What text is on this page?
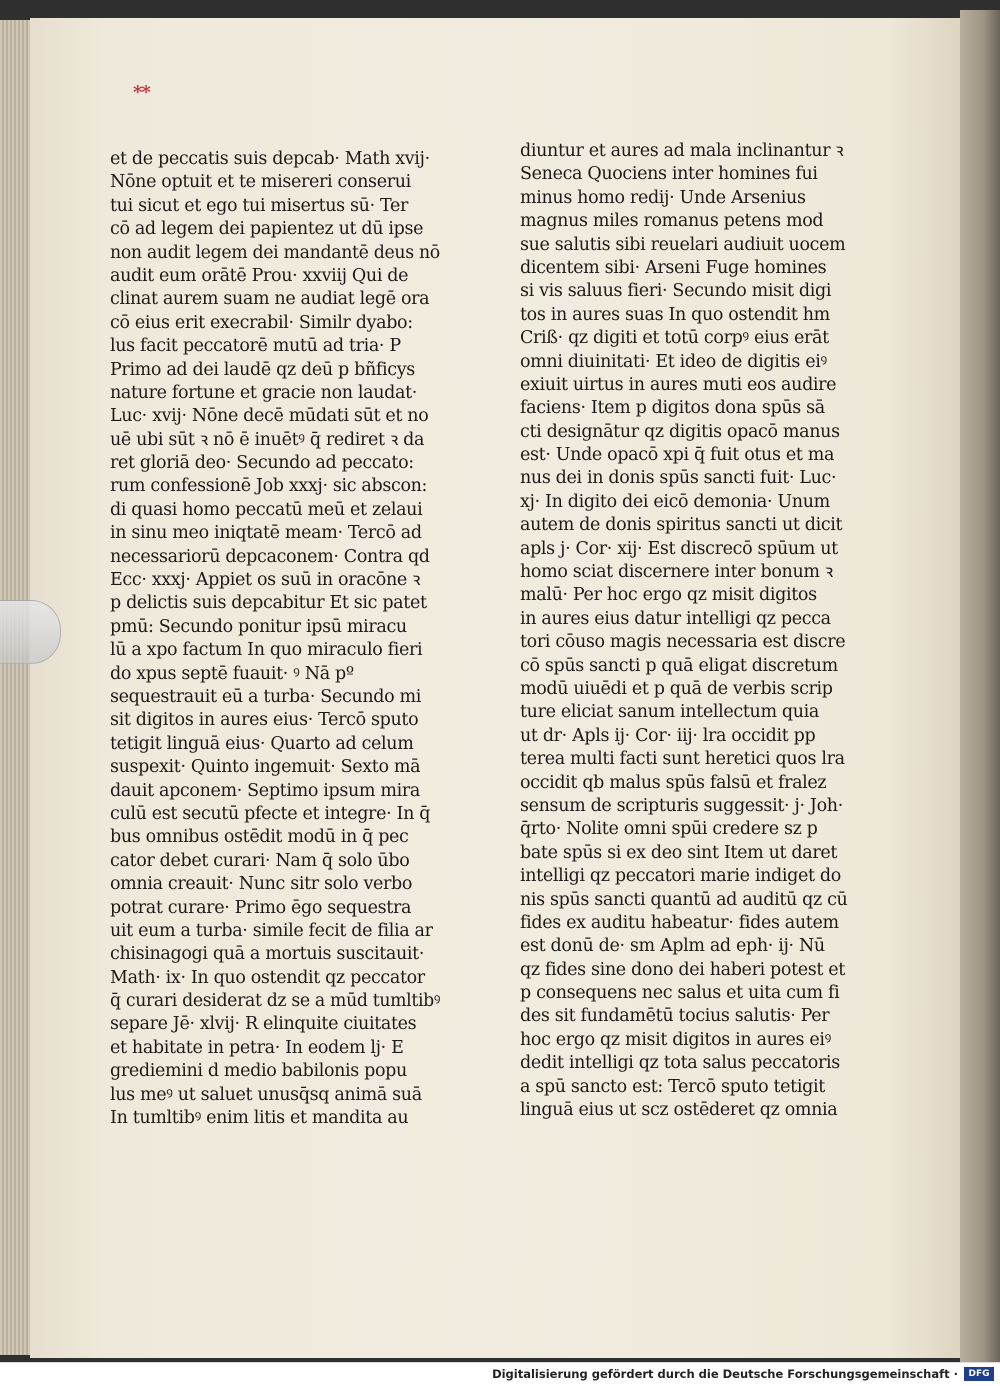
**
et de peccatis suis depcab· Math xvij·
Nōne optuit et te misereri conserui
tui sicut et ego tui misertus sū· Ter
cō ad legem dei papientez ut dū ipse
non audit legem dei mandantē deus nō
audit eum orātē Prou· xxviij Qui de
clinat aurem suam ne audiat legē ora
cō eius erit execrabil· Similr dyabo:
lus facit peccatorē mutū ad tria· P
Primo ad dei laudē qz deū p bñficys
nature fortune et gracie non laudat·
Luc· xvij· Nōne decē mūdati sūt et no
uē ubi sūt ꝛ nō ē inuētꝰ q̄ rediret ꝛ da
ret gloriā deo· Secundo ad peccato:
rum confessionē Job xxxj· sic abscon:
di quasi homo peccatū meū et zelaui
in sinu meo iniqtatē meam· Tercō ad
necessariorū depcaconem· Contra qd
Ecc· xxxj· Appiet os suū in oracōne ꝛ
p delictis suis depcabitur Et sic patet
pmū: Secundo ponitur ipsū miracu
lū a xpo factum In quo miraculo fieri
do xpus septē fuauit· ꝰ Nā pº
sequestrauit eū a turba· Secundo mi
sit digitos in aures eius· Tercō sputo
tetigit linguā eius· Quarto ad celum
suspexit· Quinto ingemuit· Sexto mā
dauit apconem· Septimo ipsum mira
culū est secutū pfecte et integre· In q̄
bus omnibus ostēdit modū in q̄ pec
cator debet curari· Nam q̄ solo ūbo
omnia creauit· Nunc sitr solo verbo
potrat curare· Primo ēgo sequestra
uit eum a turba· simile fecit de filia ar
chisinagogi quā a mortuis suscitauit·
Math· ix· In quo ostendit qz peccator
q̄ curari desiderat dz se a mūd tumltibꝰ
separe Jē· xlvij· R elinquite ciuitates
et habitate in petra· In eodem lj· E
grediemini d medio babilonis popu
lus meꝰ ut saluet unusq̄sq animā suā
In tumltibꝰ enim litis et mandita au
diuntur et aures ad mala inclinantur ꝛ
Seneca Quociens inter homines fui
minus homo redij· Unde Arsenius
magnus miles romanus petens mod
sue salutis sibi reuelari audiuit uocem
dicentem sibi· Arseni Fuge homines
si vis saluus fieri· Secundo misit digi
tos in aures suas In quo ostendit hm
Criß· qz digiti et totū corpꝰ eius erāt
omni diuinitati· Et ideo de digitis eiꝰ
exiuit uirtus in aures muti eos audire
faciens· Item p digitos dona spūs sā
cti designātur qz digitis opacō manus
est· Unde opacō xpi q̄ fuit otus et ma
nus dei in donis spūs sancti fuit· Luc·
xj· In digito dei eicō demonia· Unum
autem de donis spiritus sancti ut dicit
apls j· Cor· xij· Est discrecō spūum ut
homo sciat discernere inter bonum ꝛ
malū· Per hoc ergo qz misit digitos
in aures eius datur intelligi qz pecca
tori cōuso magis necessaria est discre
cō spūs sancti p quā eligat discretum
modū uiuēdi et p quā de verbis scrip
ture eliciat sanum intellectum quia
ut dr· Apls ij· Cor· iij· lra occidit pp
terea multi facti sunt heretici quos lra
occidit qb malus spūs falsū et fralez
sensum de scripturis suggessit· j· Joh·
q̄rto· Nolite omni spūi credere sz p
bate spūs si ex deo sint Item ut daret
intelligi qz peccatori marie indiget do
nis spūs sancti quantū ad auditū qz cū
fides ex auditu habeatur· fides autem
est donū de· sm Aplm ad eph· ij· Nū
qz fides sine dono dei haberi potest et
p consequens nec salus et uita cum fi
des sit fundamētū tocius salutis· Per
hoc ergo qz misit digitos in aures eiꝰ
dedit intelligi qz tota salus peccatoris
a spū sancto est: Tercō sputo tetigit
linguā eius ut scz ostēderet qz omnia
Digitalisierung gefördert durch die Deutsche Forschungsgemeinschaft ·	DFG
